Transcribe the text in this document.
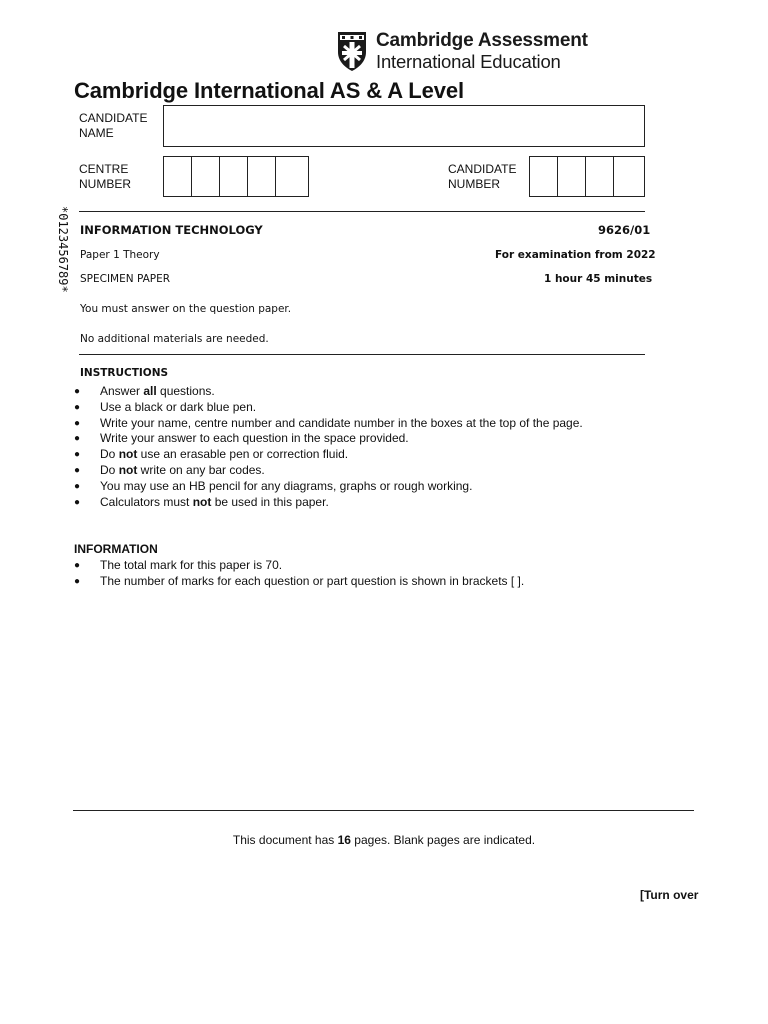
Cambridge Assessment
International Education
Cambridge International AS & A Level
CANDIDATE
NAME
CENTRE
NUMBER
CANDIDATE
NUMBER
*0123456789* INFORMATION TECHNOLOGY	9626/01
Paper 1 Theory	For examination from 2022
SPECIMEN PAPER	1 hour 45 minutes
You must answer on the question paper.
No additional materials are needed.
INSTRUCTIONS
● Answer all questions.
● Use a black or dark blue pen.
● Write your name, centre number and candidate number in the boxes at the top of the page.
● Write your answer to each question in the space provided.
● Do not use an erasable pen or correction fluid.
● Do not write on any bar codes.
● You may use an HB pencil for any diagrams, graphs or rough working.
● Calculators must not be used in this paper.
INFORMATION
● The total mark for this paper is 70.
● The number of marks for each question or part question is shown in brackets [ ].
This document has 16 pages. Blank pages are indicated.
[Turn over
